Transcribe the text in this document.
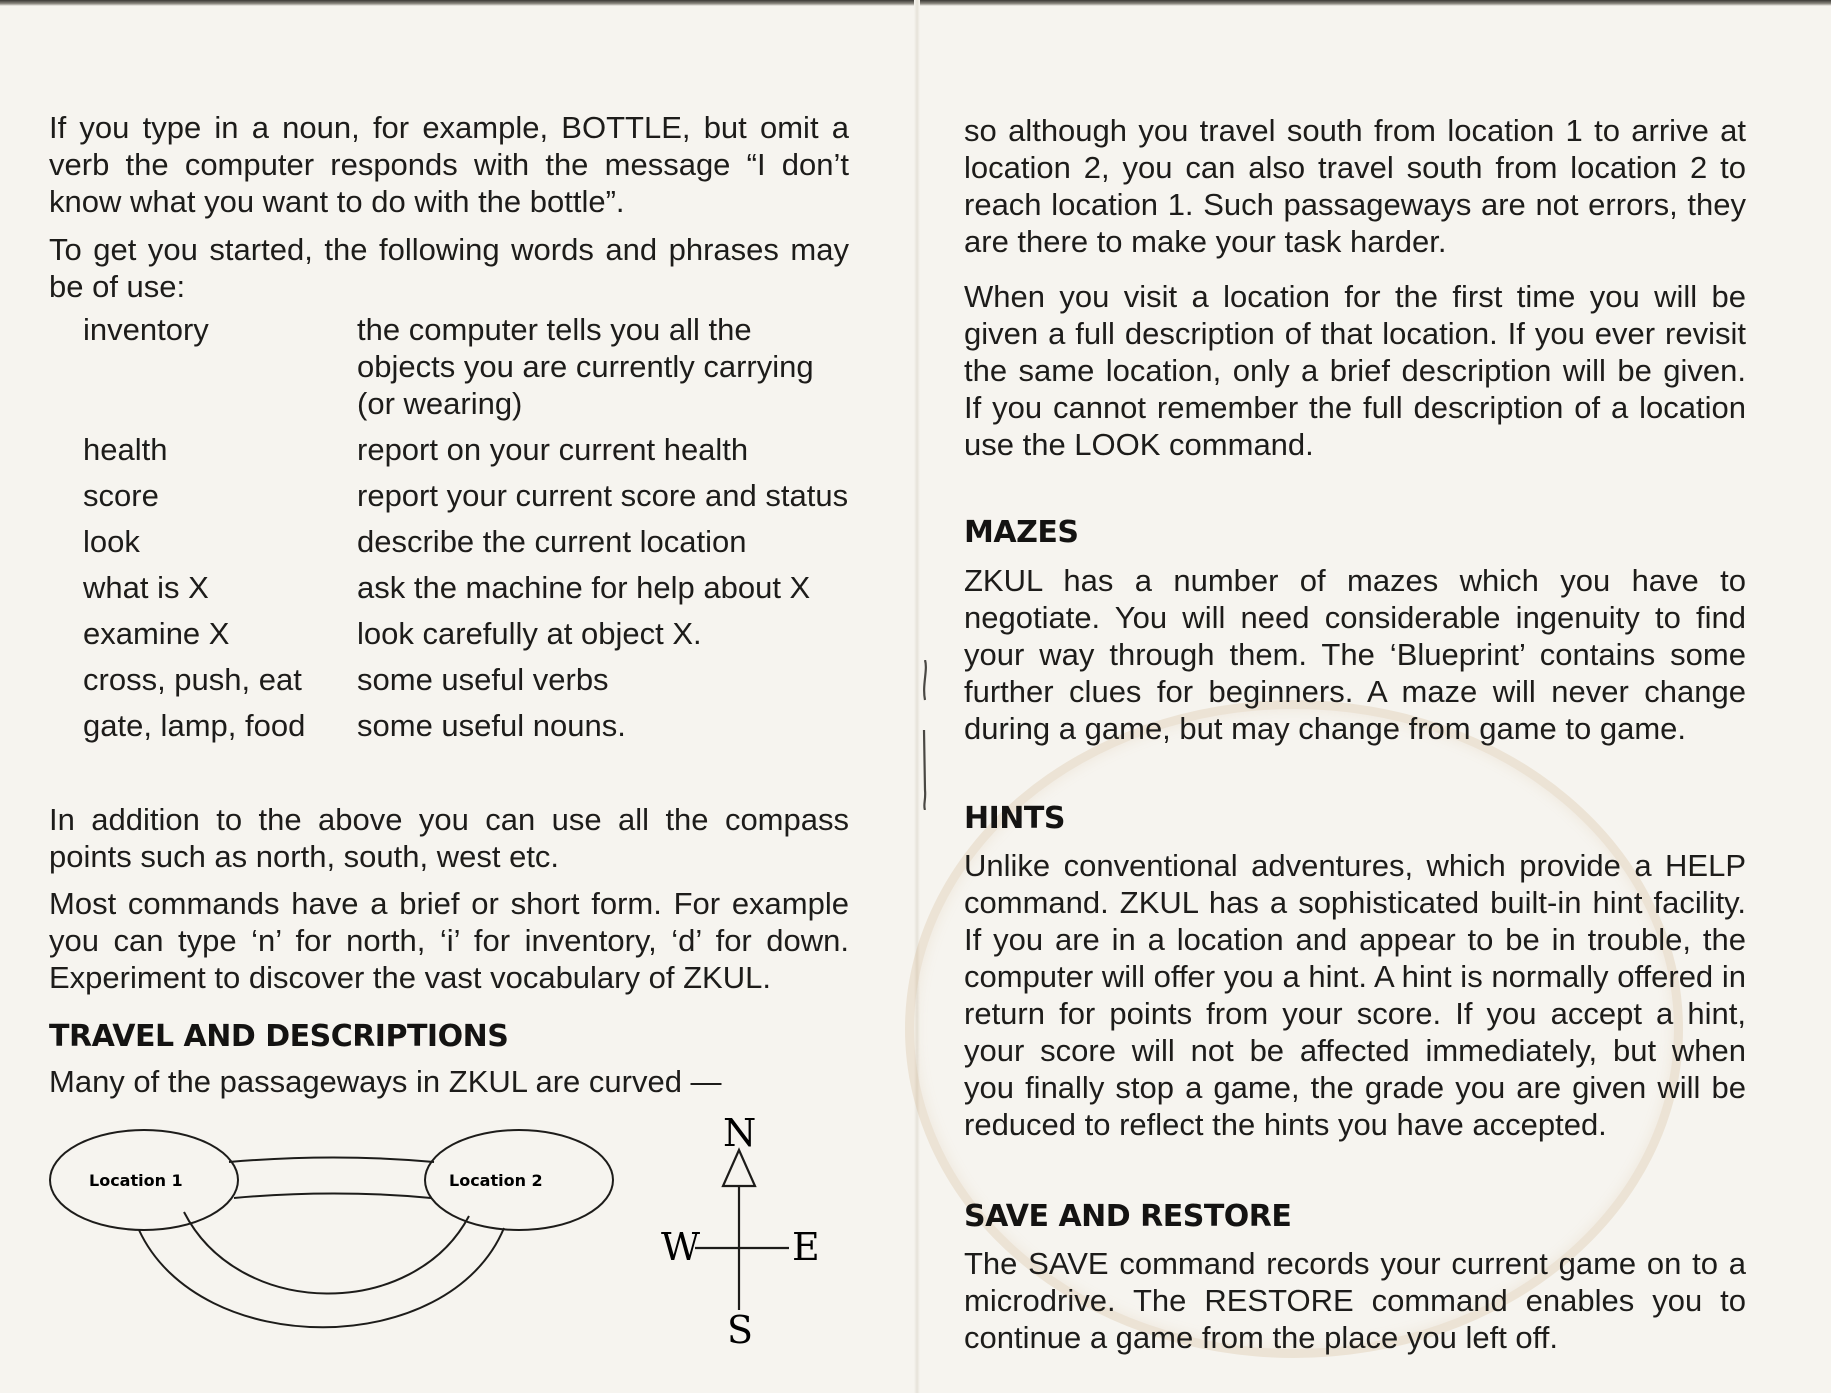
If you type in a noun, for example, BOTTLE, but omit a verb the computer responds with the message “I don’t know what you want to do with the bottle”.

To get you started, the following words and phrases may be of use:

In addition to the above you can use all the compass points such as north, south, west etc.

Most commands have a brief or short form. For example you can type ‘n’ for north, ‘i’ for inventory, ‘d’ for down. Experiment to discover the vast vocabulary of ZKUL.

TRAVEL AND DESCRIPTIONS

Many of the passageways in ZKUL are curved —

inventory	the computer tells you all the objects you are currently carrying (or wearing)
health	report on your current health
score	report your current score and status
look	describe the current location
what is X	ask the machine for help about X
examine X	look carefully at object X.
cross, push, eat	some useful verbs
gate, lamp, food	some useful nouns.
Location 1	Location 2
N
W E
S

so although you travel south from location 1 to arrive at location 2, you can also travel south from location 2 to reach location 1. Such passageways are not errors, they are there to make your task harder.

When you visit a location for the first time you will be given a full description of that location. If you ever revisit the same location, only a brief description will be given. If you cannot remember the full description of a location use the LOOK command.

MAZES

ZKUL has a number of mazes which you have to negotiate. You will need considerable ingenuity to find your way through them. The ‘Blueprint’ contains some further clues for beginners. A maze will never change during a game, but may change from game to game.

HINTS

Unlike conventional adventures, which provide a HELP command. ZKUL has a sophisticated built-in hint facility. If you are in a location and appear to be in trouble, the computer will offer you a hint. A hint is normally offered in return for points from your score. If you accept a hint, your score will not be affected immediately, but when you finally stop a game, the grade you are given will be reduced to reflect the hints you have accepted.

SAVE AND RESTORE

The SAVE command records your current game on to a microdrive. The RESTORE command enables you to continue a game from the place you left off.
